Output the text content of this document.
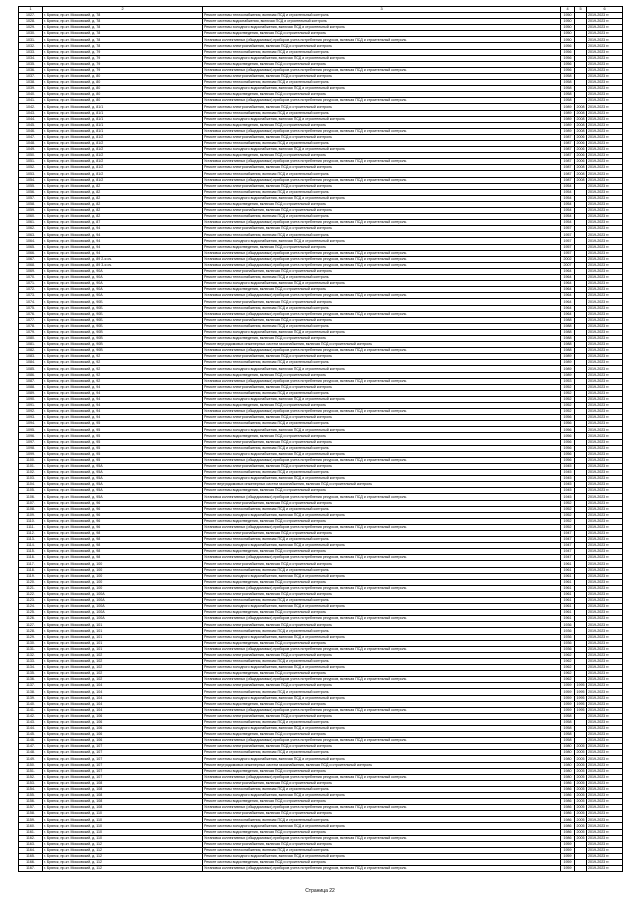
1	2	3	4	5	6
1027.	г. Брянск, пр-кт. Московский, д. 78	Ремонт системы теплоснабжения, включая ПСД и строительный контроль	1950		2019-2023 гг.
1028.	г. Брянск, пр-кт. Московский, д. 78	Ремонт системы водоснабжения, включая ПСД и строительный контроль	1950		2019-2023 гг.
1029.	г. Брянск, пр-кт. Московский, д. 78	Ремонт системы холодного водоснабжения, включая ПСД и строительный контроль	1950		2019-2023 гг.
1030.	г. Брянск, пр-кт. Московский, д. 78	Ремонт системы водоотведения, включая ПСД и строительный контроль	1950		2019-2023 гг.
1031.	г. Брянск, пр-кт. Московский, д. 78	Установка коллективных (общедомовых) приборов учета потребления ресурсов, включая ПСД и строительный контроль	1950		2019-2023 гг.
1032.	г. Брянск, пр-кт. Московский, д. 78	Ремонт системы электроснабжения, включая ПСД и строительный контроль	1956		2019-2023 гг.
1033.	г. Брянск, пр-кт. Московский, д. 79	Ремонт системы теплоснабжения, включая ПСД и строительный контроль	1956		2019-2023 гг.
1034.	г. Брянск, пр-кт. Московский, д. 79	Ремонт системы холодного водоснабжения, включая ПСД и строительный контроль	1956		2019-2023 гг.
1035.	г. Брянск, пр-кт. Московский, д. 79	Ремонт системы водоотведения, включая ПСД и строительный контроль	1956		2019-2023 гг.
1036.	г. Брянск, пр-кт. Московский, д. 79	Установка коллективных (общедомовых) приборов учета потребления ресурсов, включая ПСД и строительный контроль	1956		2019-2023 гг.
1037.	г. Брянск, пр-кт. Московский, д. 80	Ремонт системы электроснабжения, включая ПСД и строительный контроль	1958		2019-2023 гг.
1038.	г. Брянск, пр-кт. Московский, д. 80	Ремонт системы теплоснабжения, включая ПСД и строительный контроль	1958		2019-2023 гг.
1039.	г. Брянск, пр-кт. Московский, д. 80	Ремонт системы холодного водоснабжения, включая ПСД и строительный контроль	1958		2019-2023 гг.
1040.	г. Брянск, пр-кт. Московский, д. 80	Ремонт системы водоотведения, включая ПСД и строительный контроль	1958		2019-2023 гг.
1041.	г. Брянск, пр-кт. Московский, д. 80	Установка коллективных (общедомовых) приборов учета потребления ресурсов, включая ПСД и строительный контроль	1958		2019-2023 гг.
1042.	г. Брянск, пр-кт. Московский, д. 81/1	Ремонт системы электроснабжения, включая ПСД и строительный контроль	1989	2008	2019-2023 гг.
1043.	г. Брянск, пр-кт. Московский, д. 81/1	Ремонт системы теплоснабжения, включая ПСД и строительный контроль	1989	2008	2019-2023 гг.
1044.	г. Брянск, пр-кт. Московский, д. 81/1	Ремонт системы холодного водоснабжения, включая ПСД и строительный контроль	1989	2008	2019-2023 гг.
1045.	г. Брянск, пр-кт. Московский, д. 81/1	Ремонт системы водоотведения, включая ПСД и строительный контроль	1989	2008	2019-2023 гг.
1046.	г. Брянск, пр-кт. Московский, д. 81/1	Установка коллективных (общедомовых) приборов учета потребления ресурсов, включая ПСД и строительный контроль	1989	2008	2019-2023 гг.
1047.	г. Брянск, пр-кт. Московский, д. 81/2	Ремонт системы электроснабжения, включая ПСД и строительный контроль	1987	2006	2019-2023 гг.
1048.	г. Брянск, пр-кт. Московский, д. 81/2	Ремонт системы теплоснабжения, включая ПСД и строительный контроль	1987	2006	2019-2023 гг.
1049.	г. Брянск, пр-кт. Московский, д. 81/2	Ремонт системы холодного водоснабжения, включая ПСД и строительный контроль	1987	2006	2019-2023 гг.
1050.	г. Брянск, пр-кт. Московский, д. 81/2	Ремонт системы водоотведения, включая ПСД и строительный контроль	1987	2006	2019-2023 гг.
1051.	г. Брянск, пр-кт. Московский, д. 81/2	Установка коллективных (общедомовых) приборов учета потребления ресурсов, включая ПСД и строительный контроль	1987	2006	2019-2023 гг.
1052.	г. Брянск, пр-кт. Московский, д. 81/2	Ремонт системы электроснабжения, включая ПСД и строительный контроль	1987	2008	2019-2023 гг.
1053.	г. Брянск, пр-кт. Московский, д. 81/2	Ремонт системы теплоснабжения, включая ПСД и строительный контроль	1987	2008	2019-2023 гг.
1054.	г. Брянск, пр-кт. Московский, д. 81/2	Установка коллективных (общедомовых) приборов учета потребления ресурсов, включая ПСД и строительный контроль	1987	2008	2019-2023 гг.
1055.	г. Брянск, пр-кт. Московский, д. 82	Ремонт системы электроснабжения, включая ПСД и строительный контроль	1954		2019-2023 гг.
1056.	г. Брянск, пр-кт. Московский, д. 82	Ремонт системы теплоснабжения, включая ПСД и строительный контроль	1954		2019-2023 гг.
1057.	г. Брянск, пр-кт. Московский, д. 82	Ремонт системы холодного водоснабжения, включая ПСД и строительный контроль	1954		2019-2023 гг.
1058.	г. Брянск, пр-кт. Московский, д. 82	Ремонт системы водоотведения, включая ПСД и строительный контроль	1954		2019-2023 гг.
1059.	г. Брянск, пр-кт. Московский, д. 82	Ремонт системы электроснабжения, включая ПСД и строительный контроль	1954		2019-2023 гг.
1060.	г. Брянск, пр-кт. Московский, д. 82	Ремонт системы теплоснабжения, включая ПСД и строительный контроль	1954		2019-2023 гг.
1061.	г. Брянск, пр-кт. Московский, д. 87	Установка коллективных (общедомовых) приборов учета потребления ресурсов, включая ПСД и строительный контроль	1954		2019-2023 гг.
1062.	г. Брянск, пр-кт. Московский, д. 94	Ремонт системы электроснабжения, включая ПСД и строительный контроль	1957		2019-2023 гг.
1063.	г. Брянск, пр-кт. Московский, д. 94	Ремонт системы теплоснабжения, включая ПСД и строительный контроль	1957		2019-2023 гг.
1064.	г. Брянск, пр-кт. Московский, д. 94	Ремонт системы холодного водоснабжения, включая ПСД и строительный контроль	1957		2019-2023 гг.
1065.	г. Брянск, пр-кт. Московский, д. 94	Ремонт системы водоотведения, включая ПСД и строительный контроль	1957		2019-2023 гг.
1066.	г. Брянск, пр-кт. Московский, д. 94	Установка коллективных (общедомовых) приборов учета потребления ресурсов, включая ПСД и строительный контроль	1957		2019-2023 гг.
1067.	г. Брянск, пр-кт. Московский, д. 89 2-я оч.	Установка коллективных (общедомовых) приборов учета потребления ресурсов, включая ПСД и строительный контроль	2002		2019-2023 гг.
1068.	г. Брянск, пр-кт. Московский, д. 89 3-я оч.	Установка коллективных (общедомовых) приборов учета потребления ресурсов, включая ПСД и строительный контроль	2007		2019-2023 гг.
1069.	г. Брянск, пр-кт. Московский, д. 90А	Ремонт системы электроснабжения, включая ПСД и строительный контроль	1964		2019-2023 гг.
1070.	г. Брянск, пр-кт. Московский, д. 90А	Ремонт системы теплоснабжения, включая ПСД и строительный контроль	1964		2019-2023 гг.
1071.	г. Брянск, пр-кт. Московский, д. 90А	Ремонт системы холодного водоснабжения, включая ПСД и строительный контроль	1964		2019-2023 гг.
1072.	г. Брянск, пр-кт. Московский, д. 90А	Ремонт системы водоотведения, включая ПСД и строительный контроль	1964		2019-2023 гг.
1073.	г. Брянск, пр-кт. Московский, д. 90А	Установка коллективных (общедомовых) приборов учета потребления ресурсов, включая ПСД и строительный контроль	1964		2019-2023 гг.
1074.	г. Брянск, пр-кт. Московский, д. 90Б	Ремонт системы электроснабжения, включая ПСД и строительный контроль	1964		2019-2023 гг.
1075.	г. Брянск, пр-кт. Московский, д. 90Б	Ремонт системы теплоснабжения, включая ПСД и строительный контроль	1964		2019-2023 гг.
1076.	г. Брянск, пр-кт. Московский, д. 90Б	Установка коллективных (общедомовых) приборов учета потребления ресурсов, включая ПСД и строительный контроль	1964		2019-2023 гг.
1077.	г. Брянск, пр-кт. Московский, д. 90Б	Ремонт системы электроснабжения, включая ПСД и строительный контроль	1988		2019-2023 гг.
1078.	г. Брянск, пр-кт. Московский, д. 90Б	Ремонт системы теплоснабжения, включая ПСД и строительный контроль	1988		2019-2023 гг.
1079.	г. Брянск, пр-кт. Московский, д. 90В	Ремонт системы холодного водоснабжения, включая ПСД и строительный контроль	1988		2019-2023 гг.
1080.	г. Брянск, пр-кт. Московский, д. 90В	Ремонт системы водоотведения, включая ПСД и строительный контроль	1988		2019-2023 гг.
1081.	г. Брянск, пр-кт. Московский, д. 90В	Ремонт внутридомовых инженерных систем газоснабжения, включая ПСД и строительный контроль	1988		2019-2023 гг.
1082.	г. Брянск, пр-кт. Московский, д. 90В	Установка коллективных (общедомовых) приборов учета потребления ресурсов, включая ПСД и строительный контроль	1988		2019-2023 гг.
1083.	г. Брянск, пр-кт. Московский, д. 92	Ремонт системы электроснабжения, включая ПСД и строительный контроль	1989		2019-2023 гг.
1084.	г. Брянск, пр-кт. Московский, д. 92	Ремонт системы теплоснабжения, включая ПСД и строительный контроль	1989		2019-2023 гг.
1085.	г. Брянск, пр-кт. Московский, д. 92	Ремонт системы холодного водоснабжения, включая ПСД и строительный контроль	1989		2019-2023 гг.
1086.	г. Брянск, пр-кт. Московский, д. 92	Ремонт системы водоотведения, включая ПСД и строительный контроль	1989		2019-2023 гг.
1087.	г. Брянск, пр-кт. Московский, д. 92	Установка коллективных (общедомовых) приборов учета потребления ресурсов, включая ПСД и строительный контроль	1953		2019-2023 гг.
1088.	г. Брянск, пр-кт. Московский, д. 94	Ремонт системы электроснабжения, включая ПСД и строительный контроль	1952		2019-2023 гг.
1089.	г. Брянск, пр-кт. Московский, д. 94	Ремонт системы теплоснабжения, включая ПСД и строительный контроль	1952		2019-2023 гг.
1090.	г. Брянск, пр-кт. Московский, д. 94	Ремонт системы холодного водоснабжения, включая ПСД и строительный контроль	1952		2019-2023 гг.
1091.	г. Брянск, пр-кт. Московский, д. 94	Ремонт системы водоотведения, включая ПСД и строительный контроль	1952		2019-2023 гг.
1092.	г. Брянск, пр-кт. Московский, д. 94	Установка коллективных (общедомовых) приборов учета потребления ресурсов, включая ПСД и строительный контроль	1952		2019-2023 гг.
1093.	г. Брянск, пр-кт. Московский, д. 94	Ремонт системы электроснабжения, включая ПСД и строительный контроль	1956		2019-2023 гг.
1094.	г. Брянск, пр-кт. Московский, д. 95	Ремонт системы теплоснабжения, включая ПСД и строительный контроль	1956		2019-2023 гг.
1095.	г. Брянск, пр-кт. Московский, д. 95	Ремонт системы холодного водоснабжения, включая ПСД и строительный контроль	1956		2019-2023 гг.
1096.	г. Брянск, пр-кт. Московский, д. 95	Ремонт системы водоотведения, включая ПСД и строительный контроль	1956		2019-2023 гг.
1097.	г. Брянск, пр-кт. Московский, д. 95	Ремонт системы электроснабжения, включая ПСД и строительный контроль	1956		2019-2023 гг.
1098.	г. Брянск, пр-кт. Московский, д. 95	Ремонт системы теплоснабжения, включая ПСД и строительный контроль	1956		2019-2023 гг.
1099.	г. Брянск, пр-кт. Московский, д. 95	Ремонт системы холодного водоснабжения, включая ПСД и строительный контроль	1956		2019-2023 гг.
1100.	г. Брянск, пр-кт. Московский, д. 95	Установка коллективных (общедомовых) приборов учета потребления ресурсов, включая ПСД и строительный контроль	1956		2019-2023 гг.
1101.	г. Брянск, пр-кт. Московский, д. 95А	Ремонт системы электроснабжения, включая ПСД и строительный контроль	1945		2019-2023 гг.
1102.	г. Брянск, пр-кт. Московский, д. 95А	Ремонт системы теплоснабжения, включая ПСД и строительный контроль	1945		2019-2023 гг.
1103.	г. Брянск, пр-кт. Московский, д. 95А	Ремонт системы холодного водоснабжения, включая ПСД и строительный контроль	1945		2019-2023 гг.
1104.	г. Брянск, пр-кт. Московский, д. 95А	Ремонт внутридомовых инженерных систем газоснабжения, включая ПСД и строительный контроль	1945		2019-2023 гг.
1105.	г. Брянск, пр-кт. Московский, д. 95А	Ремонт системы водоотведения, включая ПСД и строительный контроль	1945		2019-2023 гг.
1106.	г. Брянск, пр-кт. Московский, д. 95А	Установка коллективных (общедомовых) приборов учета потребления ресурсов, включая ПСД и строительный контроль	1945		2019-2023 гг.
1107.	г. Брянск, пр-кт. Московский, д. 96	Ремонт системы электроснабжения, включая ПСД и строительный контроль	1952		2019-2023 гг.
1108.	г. Брянск, пр-кт. Московский, д. 96	Ремонт системы теплоснабжения, включая ПСД и строительный контроль	1952		2019-2023 гг.
1109.	г. Брянск, пр-кт. Московский, д. 96	Ремонт системы холодного водоснабжения, включая ПСД и строительный контроль	1952		2019-2023 гг.
1110.	г. Брянск, пр-кт. Московский, д. 96	Ремонт системы водоотведения, включая ПСД и строительный контроль	1952		2019-2023 гг.
1111.	г. Брянск, пр-кт. Московский, д. 96	Установка коллективных (общедомовых) приборов учета потребления ресурсов, включая ПСД и строительный контроль	1952		2019-2023 гг.
1112.	г. Брянск, пр-кт. Московский, д. 98	Ремонт системы электроснабжения, включая ПСД и строительный контроль	1947		2019-2023 гг.
1113.	г. Брянск, пр-кт. Московский, д. 98	Ремонт системы теплоснабжения, включая ПСД и строительный контроль	1947		2019-2023 гг.
1114.	г. Брянск, пр-кт. Московский, д. 98	Ремонт системы холодного водоснабжения, включая ПСД и строительный контроль	1947		2019-2023 гг.
1115.	г. Брянск, пр-кт. Московский, д. 98	Ремонт системы водоотведения, включая ПСД и строительный контроль	1947		2019-2023 гг.
1116.	г. Брянск, пр-кт. Московский, д. 98	Установка коллективных (общедомовых) приборов учета потребления ресурсов, включая ПСД и строительный контроль	1947		2019-2023 гг.
1117.	г. Брянск, пр-кт. Московский, д. 100	Ремонт системы электроснабжения, включая ПСД и строительный контроль	1961		2019-2023 гг.
1118.	г. Брянск, пр-кт. Московский, д. 100	Ремонт системы теплоснабжения, включая ПСД и строительный контроль	1961		2019-2023 гг.
1119.	г. Брянск, пр-кт. Московский, д. 100	Ремонт системы холодного водоснабжения, включая ПСД и строительный контроль	1961		2019-2023 гг.
1120.	г. Брянск, пр-кт. Московский, д. 100	Ремонт системы водоотведения, включая ПСД и строительный контроль	1961		2019-2023 гг.
1121.	г. Брянск, пр-кт. Московский, д. 100	Установка коллективных (общедомовых) приборов учета потребления ресурсов, включая ПСД и строительный контроль	1961		2019-2023 гг.
1122.	г. Брянск, пр-кт. Московский, д. 100А	Ремонт системы электроснабжения, включая ПСД и строительный контроль	1961		2019-2023 гг.
1123.	г. Брянск, пр-кт. Московский, д. 100А	Ремонт системы теплоснабжения, включая ПСД и строительный контроль	1961		2019-2023 гг.
1124.	г. Брянск, пр-кт. Московский, д. 100А	Ремонт системы холодного водоснабжения, включая ПСД и строительный контроль	1961		2019-2023 гг.
1125.	г. Брянск, пр-кт. Московский, д. 100А	Ремонт системы водоотведения, включая ПСД и строительный контроль	1961		2019-2023 гг.
1126.	г. Брянск, пр-кт. Московский, д. 100А	Установка коллективных (общедомовых) приборов учета потребления ресурсов, включая ПСД и строительный контроль	1961		2019-2023 гг.
1127.	г. Брянск, пр-кт. Московский, д. 101	Ремонт системы электроснабжения, включая ПСД и строительный контроль	1936		2019-2023 гг.
1128.	г. Брянск, пр-кт. Московский, д. 101	Ремонт системы теплоснабжения, включая ПСД и строительный контроль	1936		2019-2023 гг.
1129.	г. Брянск, пр-кт. Московский, д. 101	Ремонт системы холодного водоснабжения, включая ПСД и строительный контроль	1936		2019-2023 гг.
1130.	г. Брянск, пр-кт. Московский, д. 101	Ремонт системы водоотведения, включая ПСД и строительный контроль	1936		2019-2023 гг.
1131.	г. Брянск, пр-кт. Московский, д. 101	Установка коллективных (общедомовых) приборов учета потребления ресурсов, включая ПСД и строительный контроль	1936		2019-2023 гг.
1132.	г. Брянск, пр-кт. Московский, д. 102	Ремонт системы электроснабжения, включая ПСД и строительный контроль	1962		2019-2023 гг.
1133.	г. Брянск, пр-кт. Московский, д. 102	Ремонт системы теплоснабжения, включая ПСД и строительный контроль	1962		2019-2023 гг.
1134.	г. Брянск, пр-кт. Московский, д. 102	Ремонт системы холодного водоснабжения, включая ПСД и строительный контроль	1962		2019-2023 гг.
1135.	г. Брянск, пр-кт. Московский, д. 102	Ремонт системы водоотведения, включая ПСД и строительный контроль	1962		2019-2023 гг.
1136.	г. Брянск, пр-кт. Московский, д. 102	Установка коллективных (общедомовых) приборов учета потребления ресурсов, включая ПСД и строительный контроль	1962		2019-2023 гг.
1137.	г. Брянск, пр-кт. Московский, д. 104	Ремонт системы электроснабжения, включая ПСД и строительный контроль	1959	1995	2019-2023 гг.
1138.	г. Брянск, пр-кт. Московский, д. 104	Ремонт системы теплоснабжения, включая ПСД и строительный контроль	1959	1995	2019-2023 гг.
1139.	г. Брянск, пр-кт. Московский, д. 104	Ремонт системы холодного водоснабжения, включая ПСД и строительный контроль	1959	1995	2019-2023 гг.
1140.	г. Брянск, пр-кт. Московский, д. 104	Ремонт системы водоотведения, включая ПСД и строительный контроль	1959	1995	2019-2023 гг.
1141.	г. Брянск, пр-кт. Московский, д. 104	Установка коллективных (общедомовых) приборов учета потребления ресурсов, включая ПСД и строительный контроль	1959	1995	2019-2023 гг.
1142.	г. Брянск, пр-кт. Московский, д. 106	Ремонт системы электроснабжения, включая ПСД и строительный контроль	1958		2019-2023 гг.
1143.	г. Брянск, пр-кт. Московский, д. 106	Ремонт системы теплоснабжения, включая ПСД и строительный контроль	1958		2019-2023 гг.
1144.	г. Брянск, пр-кт. Московский, д. 106	Ремонт системы холодного водоснабжения, включая ПСД и строительный контроль	1958		2019-2023 гг.
1145.	г. Брянск, пр-кт. Московский, д. 106	Ремонт системы водоотведения, включая ПСД и строительный контроль	1958		2019-2023 гг.
1146.	г. Брянск, пр-кт. Московский, д. 106	Установка коллективных (общедомовых) приборов учета потребления ресурсов, включая ПСД и строительный контроль	1958		2019-2023 гг.
1147.	г. Брянск, пр-кт. Московский, д. 107	Ремонт системы электроснабжения, включая ПСД и строительный контроль	1980	2005	2019-2023 гг.
1148.	г. Брянск, пр-кт. Московский, д. 107	Ремонт системы теплоснабжения, включая ПСД и строительный контроль	1980	2005	2019-2023 гг.
1149.	г. Брянск, пр-кт. Московский, д. 107	Ремонт системы холодного водоснабжения, включая ПСД и строительный контроль	1980	2005	2019-2023 гг.
1150.	г. Брянск, пр-кт. Московский, д. 107	Ремонт внутридомовых инженерных систем газоснабжения, включая ПСД и строительный контроль	1980	2005	2019-2023 гг.
1151.	г. Брянск, пр-кт. Московский, д. 107	Ремонт системы водоотведения, включая ПСД и строительный контроль	1980	2005	2019-2023 гг.
1152.	г. Брянск, пр-кт. Московский, д. 107	Установка коллективных (общедомовых) приборов учета потребления ресурсов, включая ПСД и строительный контроль	1980	2005	2019-2023 гг.
1153.	г. Брянск, пр-кт. Московский, д. 108	Ремонт системы электроснабжения, включая ПСД и строительный контроль	1986	2005	2019-2023 гг.
1154.	г. Брянск, пр-кт. Московский, д. 108	Ремонт системы теплоснабжения, включая ПСД и строительный контроль	1986	2005	2019-2023 гг.
1155.	г. Брянск, пр-кт. Московский, д. 108	Ремонт системы холодного водоснабжения, включая ПСД и строительный контроль	1986	2005	2019-2023 гг.
1156.	г. Брянск, пр-кт. Московский, д. 108	Ремонт системы водоотведения, включая ПСД и строительный контроль	1986	2005	2019-2023 гг.
1157.	г. Брянск, пр-кт. Московский, д. 108	Установка коллективных (общедомовых) приборов учета потребления ресурсов, включая ПСД и строительный контроль	1986	2005	2019-2023 гг.
1158.	г. Брянск, пр-кт. Московский, д. 110	Ремонт системы электроснабжения, включая ПСД и строительный контроль	1986	2005	2019-2023 гг.
1159.	г. Брянск, пр-кт. Московский, д. 110	Ремонт системы теплоснабжения, включая ПСД и строительный контроль	1986	2005	2019-2023 гг.
1160.	г. Брянск, пр-кт. Московский, д. 110	Ремонт системы холодного водоснабжения, включая ПСД и строительный контроль	1986	2005	2019-2023 гг.
1161.	г. Брянск, пр-кт. Московский, д. 110	Ремонт системы водоотведения, включая ПСД и строительный контроль	1986	2005	2019-2023 гг.
1162.	г. Брянск, пр-кт. Московский, д. 110	Установка коллективных (общедомовых) приборов учета потребления ресурсов, включая ПСД и строительный контроль	1986	2005	2019-2023 гг.
1163.	г. Брянск, пр-кт. Московский, д. 112	Ремонт системы электроснабжения, включая ПСД и строительный контроль	1959		2019-2023 гг.
1164.	г. Брянск, пр-кт. Московский, д. 112	Ремонт системы теплоснабжения, включая ПСД и строительный контроль	1959		2019-2023 гг.
1165.	г. Брянск, пр-кт. Московский, д. 112	Ремонт системы холодного водоснабжения, включая ПСД и строительный контроль	1959		2019-2023 гг.
1166.	г. Брянск, пр-кт. Московский, д. 112	Ремонт системы водоотведения, включая ПСД и строительный контроль	1959		2019-2023 гг.
1167.	г. Брянск, пр-кт. Московский, д. 112	Установка коллективных (общедомовых) приборов учета потребления ресурсов, включая ПСД и строительный контроль	1959		2019-2023 гг.
Страница 22
